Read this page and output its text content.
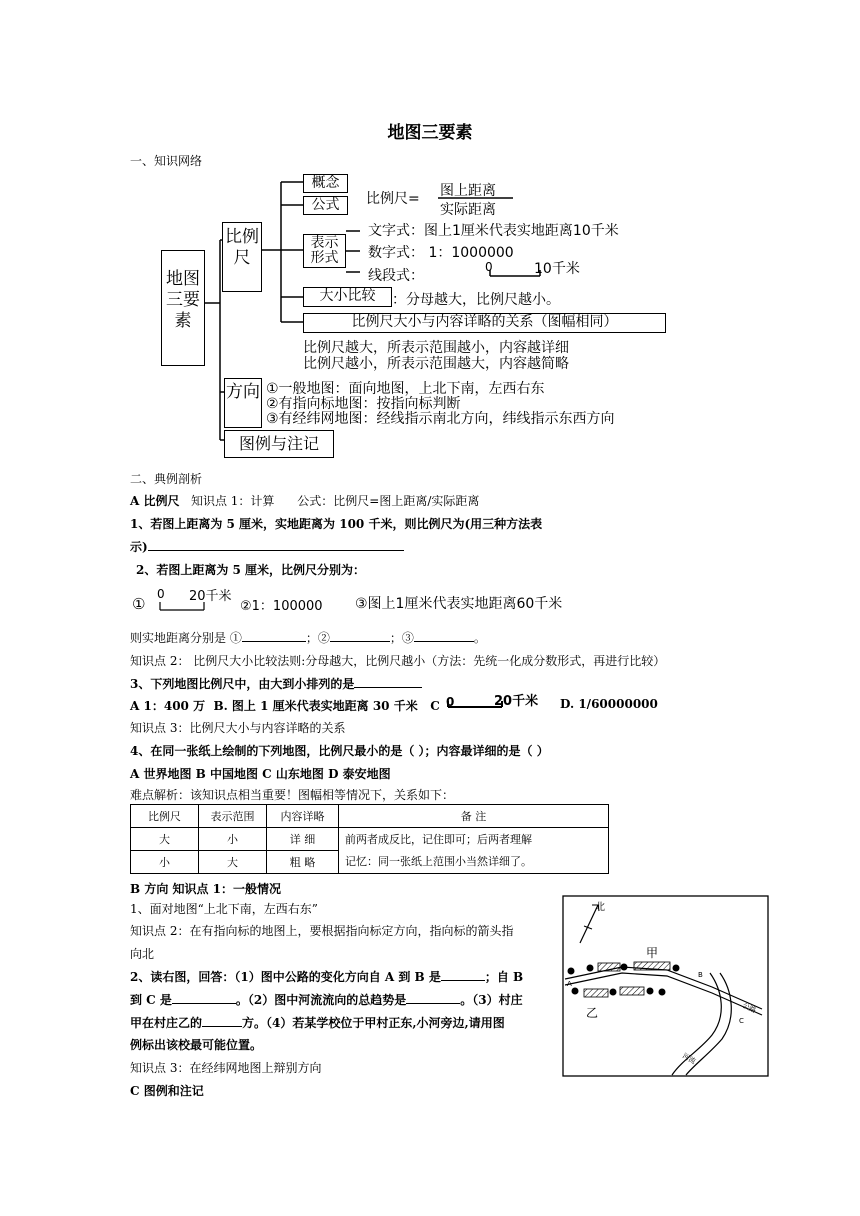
地图三要素
一、知识网络
地图三要素
比例尺
概念
公式	比例尺= 图上距离
实际距离
表示形式
文字式：图上1厘米代表实地距离10千米
数字式： 1：1000000
线段式：
0	10千米
大小比较	：分母越大，比例尺越小。
比例尺大小与内容详略的关系（图幅相同）
比例尺越大，所表示范围越小，内容越详细
比例尺越小，所表示范围越大，内容越简略
方向 ①一般地图：面向地图，上北下南，左西右东
②有指向标地图：按指向标判断
③有经纬网地图：经线指示南北方向，纬线指示东西方向
图例与注记
二、典例剖析
A 比例尺 知识点 1：计算 公式：比例尺=图上距离/实际距离
1、若图上距离为 5 厘米，实地距离为 100 千米，则比例尺为(用三种方法表
示)
2、若图上距离为 5 厘米，比例尺分别为：
①
0 20千米
②1：100000 ③图上1厘米代表实地距离60千米
则实地距离分别是 ①	；②	；③	。
知识点 2： 比例尺大小比较法则:分母越大，比例尺越小（方法：先统一化成分数形式，再进行比较）
3、下列地图比例尺中，由大到小排列的是
A 1：400 万 B. 图上 1 厘米代表实地距离 30 千米 C 0	20千米 D. 1/60000000
知识点 3：比例尺大小与内容详略的关系
4、在同一张纸上绘制的下列地图，比例尺最小的是（ ）；内容最详细的是（ ）
A 世界地图 B 中国地图 C 山东地图 D 泰安地图
难点解析：该知识点相当重要！图幅相等情况下，关系如下：
比例尺	表示范围	内容详略	备 注
大	小	详 细	前两者成反比，记住即可；后两者理解
记忆：同一张纸上范围小当然详细了。
小	大	粗 略	
B 方向 知识点 1：一般情况
1、面对地图“上北下南，左西右东”
知识点 2：在有指向标的地图上，要根据指向标定方向，指向标的箭头指
向北
2、读右图，回答：（1）图中公路的变化方向自 A 到 B 是	；自 B
到 C 是	。（2）图中河流流向的总趋势是	。（3）村庄
甲在村庄乙的	方。（4）若某学校位于甲村正东,小河旁边,请用图
例标出该校最可能位置。
知识点 3：在经纬网地图上辩别方向
C 图例和注记
北
甲
乙
A
B
C
公路
河流
